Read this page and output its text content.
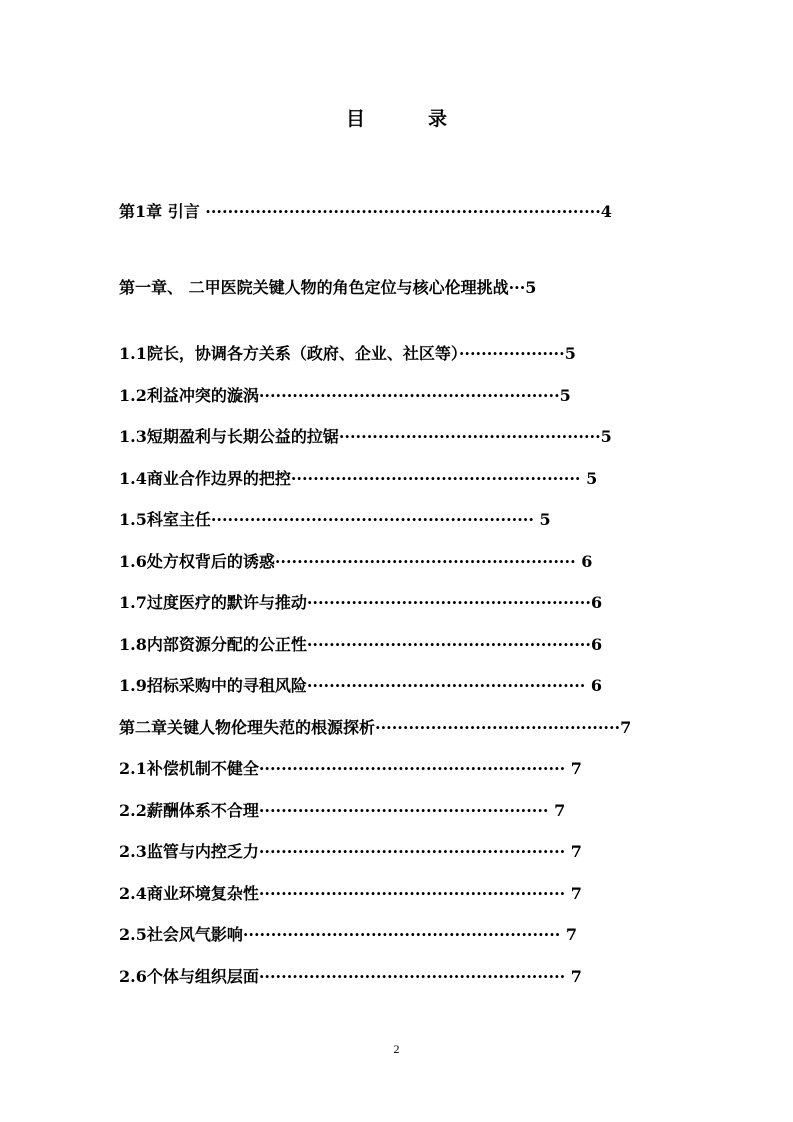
目　录
第1章 引言 ·······································································4
第一章、 二甲医院关键人物的角色定位与核心伦理挑战···5
1.1院长，协调各方关系（政府、企业、社区等）···················5
1.2利益冲突的漩涡······················································5
1.3短期盈利与长期公益的拉锯···············································5
1.4商业合作边界的把控···················································· 5
1.5科室主任·························································· 5
1.6处方权背后的诱惑······················································ 6
1.7过度医疗的默许与推动···················································6
1.8内部资源分配的公正性···················································6
1.9招标采购中的寻租风险·················································· 6
第二章关键人物伦理失范的根源探析············································7
2.1补偿机制不健全······················································· 7
2.2薪酬体系不合理···················································· 7
2.3监管与内控乏力······················································· 7
2.4商业环境复杂性······················································· 7
2.5社会风气影响························································· 7
2.6个体与组织层面······················································· 7
2
